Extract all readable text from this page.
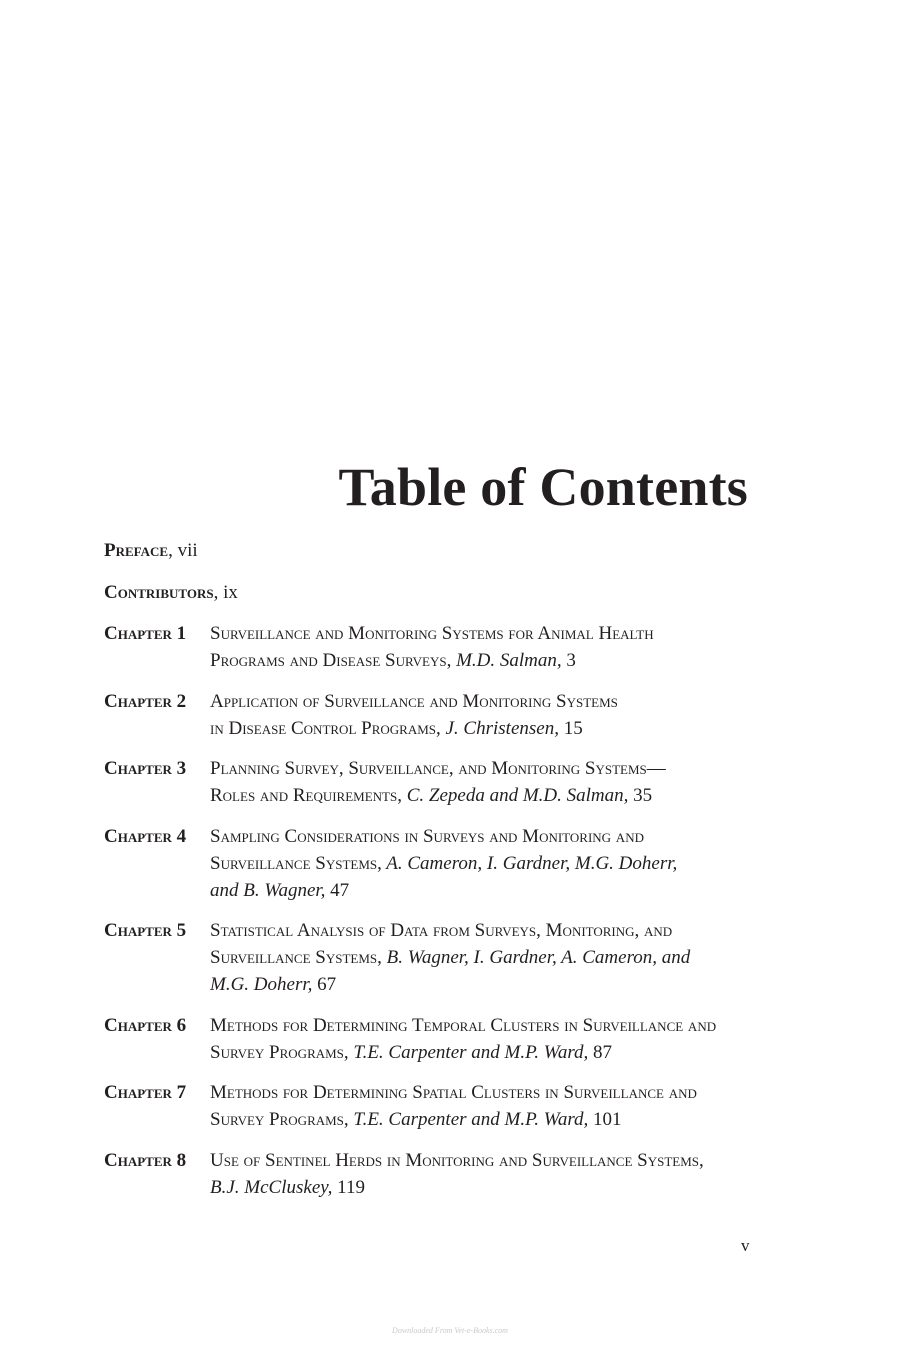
Table of Contents
Preface, vii
Contributors, ix
Chapter 1	Surveillance and Monitoring Systems for Animal Health
Programs and Disease Surveys, M.D. Salman, 3
Chapter 2	Application of Surveillance and Monitoring Systems
in Disease Control Programs, J. Christensen, 15
Chapter 3	Planning Survey, Surveillance, and Monitoring Systems—
Roles and Requirements, C. Zepeda and M.D. Salman, 35
Chapter 4	Sampling Considerations in Surveys and Monitoring and
Surveillance Systems, A. Cameron, I. Gardner, M.G. Doherr,
and B. Wagner, 47
Chapter 5	Statistical Analysis of Data from Surveys, Monitoring, and
Surveillance Systems, B. Wagner, I. Gardner, A. Cameron, and
M.G. Doherr, 67
Chapter 6	Methods for Determining Temporal Clusters in Surveillance and
Survey Programs, T.E. Carpenter and M.P. Ward, 87
Chapter 7	Methods for Determining Spatial Clusters in Surveillance and
Survey Programs, T.E. Carpenter and M.P. Ward, 101
Chapter 8	Use of Sentinel Herds in Monitoring and Surveillance Systems,
B.J. McCluskey, 119
v
Downloaded From Vet-e-Books.com
